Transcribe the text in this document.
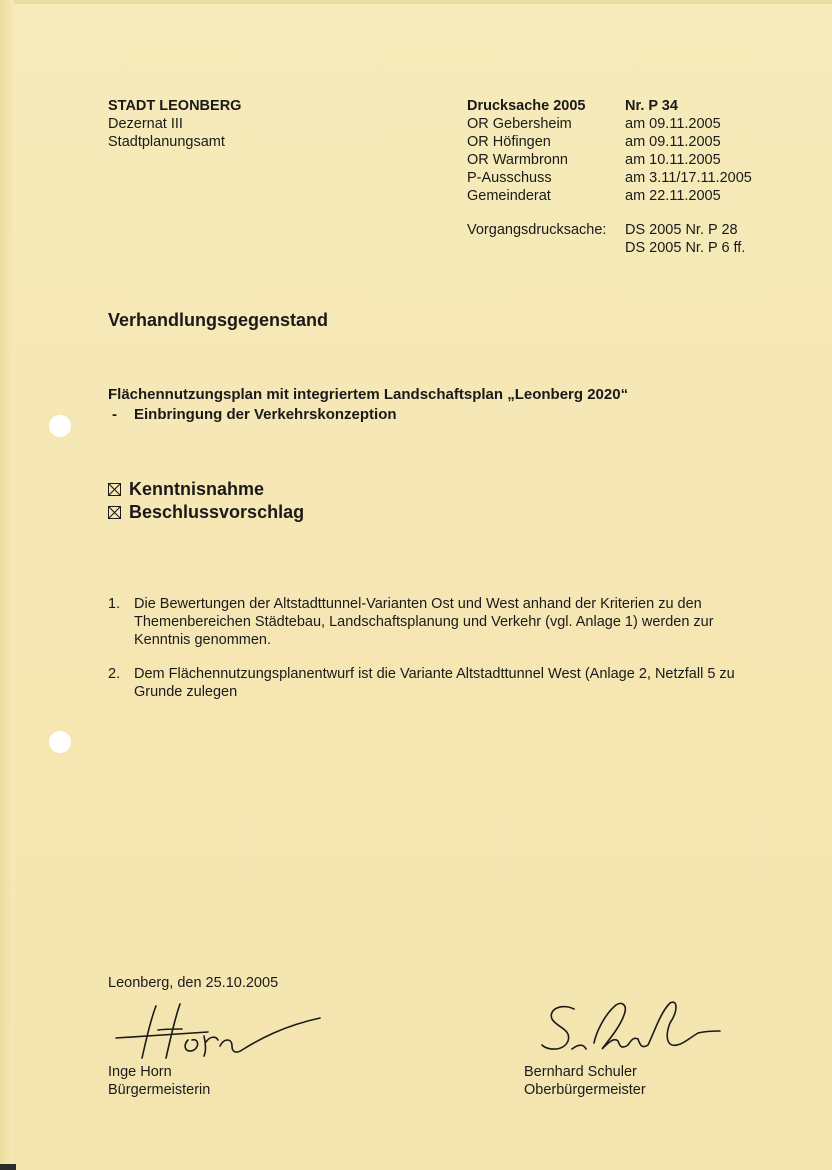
STADT LEONBERG
Dezernat III
Stadtplanungsamt
Drucksache 2005	Nr. P 34
OR Gebersheim	am 09.11.2005
OR Höfingen	am 09.11.2005
OR Warmbronn	am 10.11.2005
P-Ausschuss	am 3.11/17.11.2005
Gemeinderat	am 22.11.2005
Vorgangsdrucksache: DS 2005 Nr. P 28
DS 2005 Nr. P 6 ff.
Verhandlungsgegenstand
Flächennutzungsplan mit integriertem Landschaftsplan „Leonberg 2020“
- Einbringung der Verkehrskonzeption
Kenntnisnahme
Beschlussvorschlag
1. Die Bewertungen der Altstadttunnel-Varianten Ost und West anhand der Kriterien zu den Themenbereichen Städtebau, Landschaftsplanung und Verkehr (vgl. Anlage 1) werden zur Kenntnis genommen.
2. Dem Flächennutzungsplanentwurf ist die Variante Altstadttunnel West (Anlage 2, Netzfall 5 zu Grunde zulegen
Leonberg, den 25.10.2005
Inge Horn
Bürgermeisterin
Bernhard Schuler
Oberbürgermeister
